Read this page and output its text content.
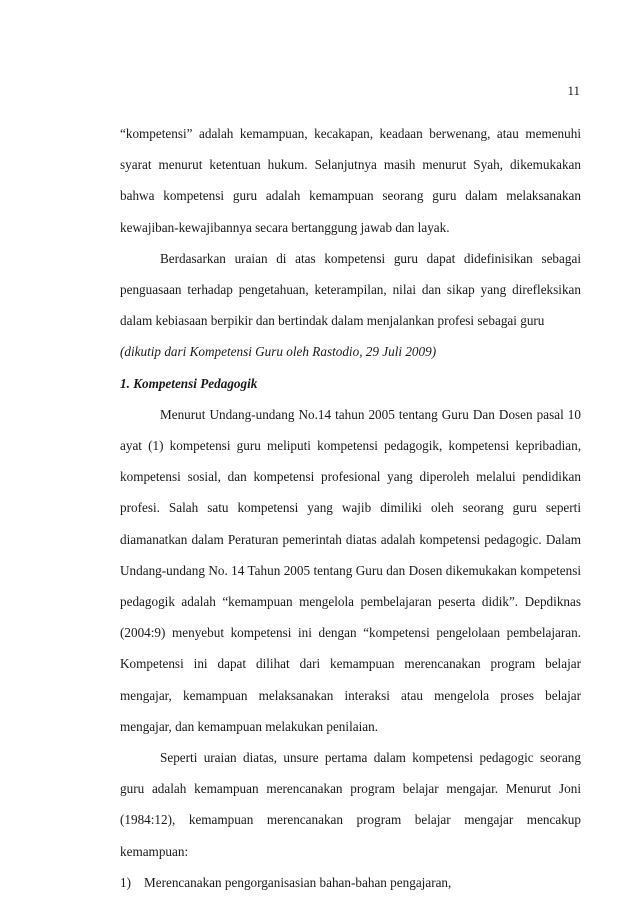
11

“kompetensi” adalah kemampuan, kecakapan, keadaan berwenang, atau memenuhi syarat menurut ketentuan hukum. Selanjutnya masih menurut Syah, dikemukakan bahwa kompetensi guru adalah kemampuan seorang guru dalam melaksanakan kewajiban-kewajibannya secara bertanggung jawab dan layak.

Berdasarkan uraian di atas kompetensi guru dapat didefinisikan sebagai penguasaan terhadap pengetahuan, keterampilan, nilai dan sikap yang direfleksikan dalam kebiasaan berpikir dan bertindak dalam menjalankan profesi sebagai guru

(dikutip dari Kompetensi Guru oleh Rastodio, 29 Juli 2009)

1. Kompetensi Pedagogik

Menurut Undang-undang No.14 tahun 2005 tentang Guru Dan Dosen pasal 10 ayat (1) kompetensi guru meliputi kompetensi pedagogik, kompetensi kepribadian, kompetensi sosial, dan kompetensi profesional yang diperoleh melalui pendidikan profesi. Salah satu kompetensi yang wajib dimiliki oleh seorang guru seperti diamanatkan dalam Peraturan pemerintah diatas adalah kompetensi pedagogic. Dalam Undang-undang No. 14 Tahun 2005 tentang Guru dan Dosen dikemukakan kompetensi pedagogik adalah “kemampuan mengelola pembelajaran peserta didik”. Depdiknas (2004:9) menyebut kompetensi ini dengan “kompetensi pengelolaan pembelajaran. Kompetensi ini dapat dilihat dari kemampuan merencanakan program belajar mengajar, kemampuan melaksanakan interaksi atau mengelola proses belajar mengajar, dan kemampuan melakukan penilaian.

Seperti uraian diatas, unsure pertama dalam kompetensi pedagogic seorang guru adalah kemampuan merencanakan program belajar mengajar. Menurut Joni (1984:12), kemampuan merencanakan program belajar mengajar mencakup kemampuan:

1) Merencanakan pengorganisasian bahan-bahan pengajaran,
